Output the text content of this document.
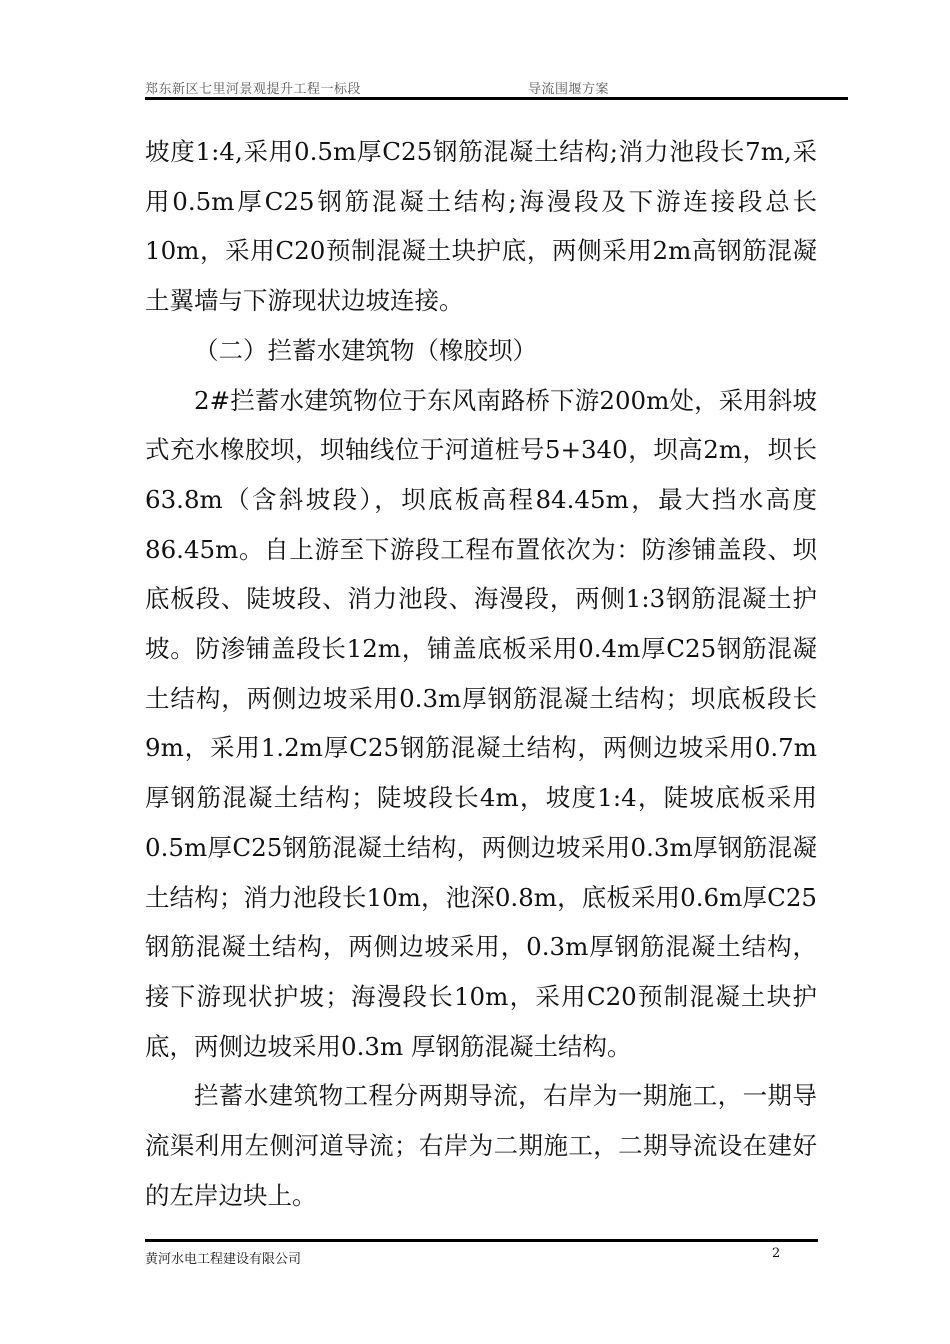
郑东新区七里河景观提升工程一标段	导流围堰方案

坡度1:4,采用0.5m厚C25钢筋混凝土结构;消力池段长7m,采用0.5m厚C25钢筋混凝土结构;海漫段及下游连接段总长10m，采用C20预制混凝土块护底，两侧采用2m高钢筋混凝土翼墙与下游现状边坡连接。

（二）拦蓄水建筑物（橡胶坝）

2#拦蓄水建筑物位于东风南路桥下游200m处，采用斜坡式充水橡胶坝，坝轴线位于河道桩号5+340，坝高2m，坝长63.8m（含斜坡段），坝底板高程84.45m，最大挡水高度86.45m。自上游至下游段工程布置依次为：防渗铺盖段、坝底板段、陡坡段、消力池段、海漫段，两侧1:3钢筋混凝土护坡。防渗铺盖段长12m，铺盖底板采用0.4m厚C25钢筋混凝土结构，两侧边坡采用0.3m厚钢筋混凝土结构；坝底板段长9m，采用1.2m厚C25钢筋混凝土结构，两侧边坡采用0.7m厚钢筋混凝土结构；陡坡段长4m，坡度1:4，陡坡底板采用0.5m厚C25钢筋混凝土结构，两侧边坡采用0.3m厚钢筋混凝土结构；消力池段长10m，池深0.8m，底板采用0.6m厚C25钢筋混凝土结构，两侧边坡采用，0.3m厚钢筋混凝土结构，接下游现状护坡；海漫段长10m，采用C20预制混凝土块护底，两侧边坡采用0.3m 厚钢筋混凝土结构。

拦蓄水建筑物工程分两期导流，右岸为一期施工，一期导流渠利用左侧河道导流；右岸为二期施工，二期导流设在建好的左岸边块上。

黄河水电工程建设有限公司	2
